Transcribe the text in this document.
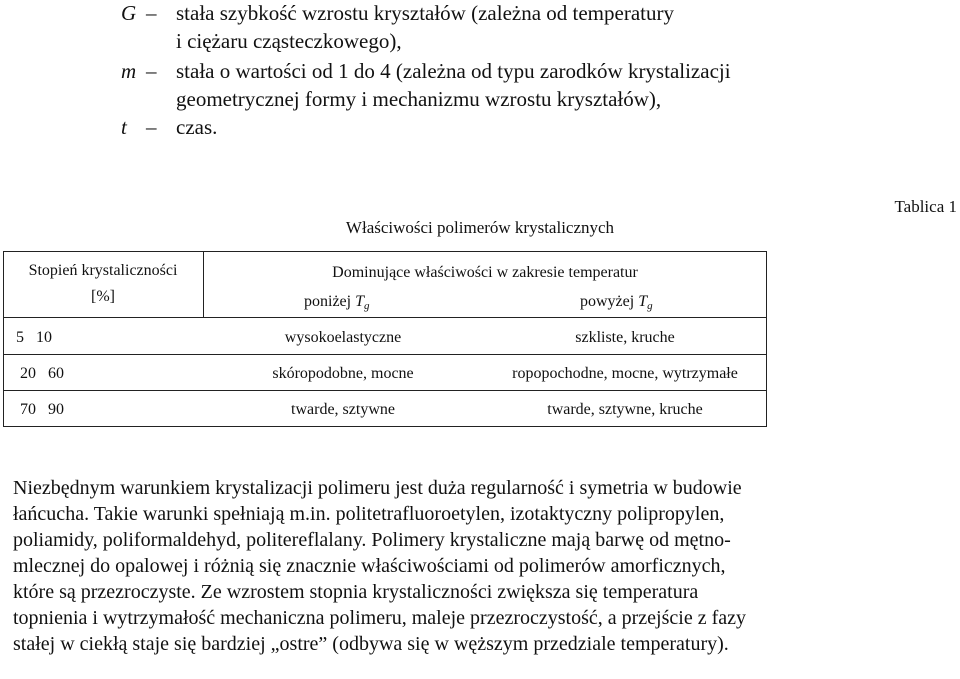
G – stała szybkość wzrostu kryształów (zależna od temperatury
i ciężaru cząsteczkowego),
m – stała o wartości od 1 do 4 (zależna od typu zarodków krystalizacji
geometrycznej formy i mechanizmu wzrostu kryształów),
t – czas.
Tablica 1
Właściwości polimerów krystalicznych
Stopień krystaliczności
[%]
Dominujące właściwości w zakresie temperatur
poniżej $T_g$	powyżej $T_g$
5   10	wysokoelastyczne	szkliste, kruche
20   60	skóropodobne, mocne	ropopochodne, mocne, wytrzymałe
70   90	twarde, sztywne	twarde, sztywne, kruche
Niezbędnym warunkiem krystalizacji polimeru jest duża regularność i symetria w budowie
łańcucha. Takie warunki spełniają m.in. politetrafluoroetylen, izotaktyczny polipropylen,
poliamidy, poliformaldehyd, politereflalany. Polimery krystaliczne mają barwę od mętno-
mlecznej do opalowej i różnią się znacznie właściwościami od polimerów amorficznych,
które są przezroczyste. Ze wzrostem stopnia krystaliczności zwiększa się temperatura
topnienia i wytrzymałość mechaniczna polimeru, maleje przezroczystość, a przejście z fazy
stałej w ciekłą staje się bardziej „ostre” (odbywa się w węższym przedziale temperatury).
